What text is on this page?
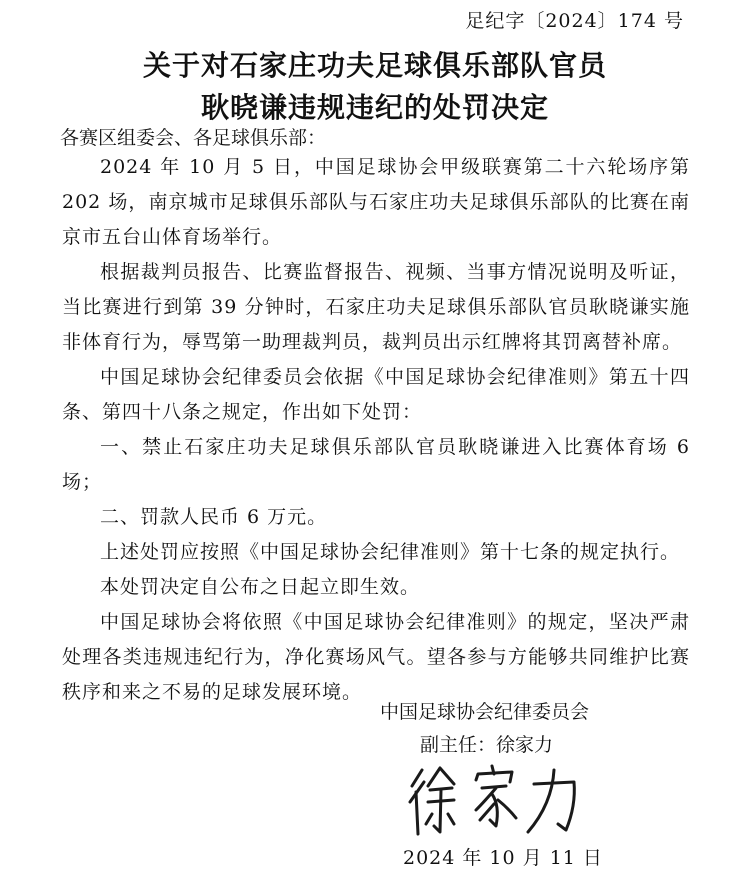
足纪字〔2024〕174 号
关于对石家庄功夫足球俱乐部队官员
耿晓谦违规违纪的处罚决定
各赛区组委会、各足球俱乐部：

2024 年 10 月 5 日，中国足球协会甲级联赛第二十六轮场序第 202 场，南京城市足球俱乐部队与石家庄功夫足球俱乐部队的比赛在南京市五台山体育场举行。

根据裁判员报告、比赛监督报告、视频、当事方情况说明及听证，当比赛进行到第 39 分钟时，石家庄功夫足球俱乐部队官员耿晓谦实施非体育行为，辱骂第一助理裁判员，裁判员出示红牌将其罚离替补席。

中国足球协会纪律委员会依据《中国足球协会纪律准则》第五十四条、第四十八条之规定，作出如下处罚：

一、禁止石家庄功夫足球俱乐部队官员耿晓谦进入比赛体育场 6 场；

二、罚款人民币 6 万元。

上述处罚应按照《中国足球协会纪律准则》第十七条的规定执行。

本处罚决定自公布之日起立即生效。

中国足球协会将依照《中国足球协会纪律准则》的规定，坚决严肃处理各类违规违纪行为，净化赛场风气。望各参与方能够共同维护比赛秩序和来之不易的足球发展环境。

中国足球协会纪律委员会
副主任：徐家力
2024 年 10 月 11 日
